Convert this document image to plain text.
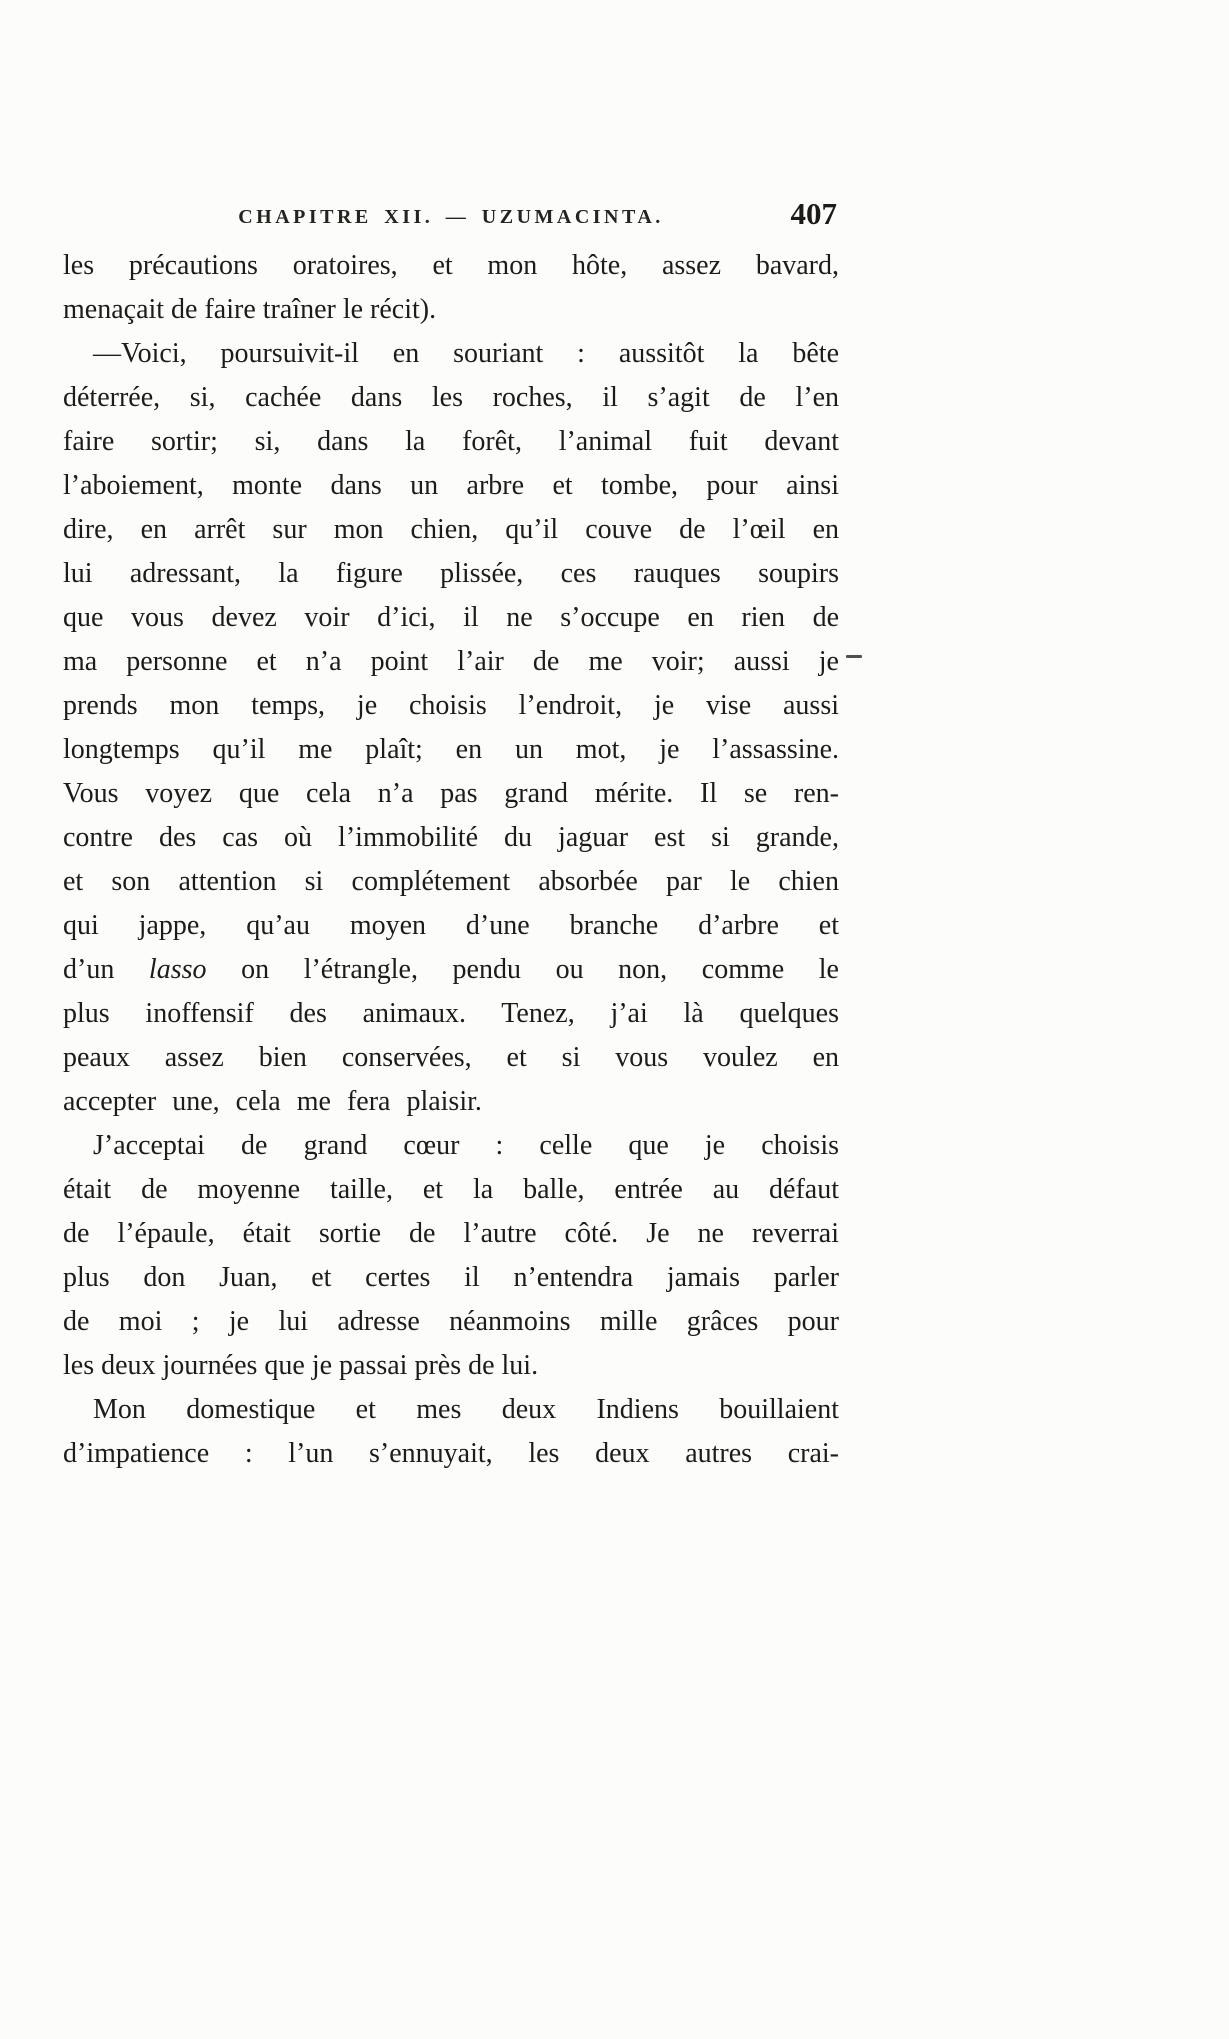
CHAPITRE XII. — UZUMACINTA.	407
les précautions oratoires, et mon hôte, assez bavard,
menaçait de faire traîner le récit).
—Voici, poursuivit-il en souriant : aussitôt la bête
déterrée, si, cachée dans les roches, il s’agit de l’en
faire sortir; si, dans la forêt, l’animal fuit devant
l’aboiement, monte dans un arbre et tombe, pour ainsi
dire, en arrêt sur mon chien, qu’il couve de l’œil en
lui adressant, la figure plissée, ces rauques soupirs
que vous devez voir d’ici, il ne s’occupe en rien de
ma personne et n’a point l’air de me voir; aussi je
prends mon temps, je choisis l’endroit, je vise aussi
longtemps qu’il me plaît; en un mot, je l’assassine.
Vous voyez que cela n’a pas grand mérite. Il se ren-
contre des cas où l’immobilité du jaguar est si grande,
et son attention si complétement absorbée par le chien
qui jappe, qu’au moyen d’une branche d’arbre et
d’un lasso on l’étrangle, pendu ou non, comme le
plus inoffensif des animaux. Tenez, j’ai là quelques
peaux assez bien conservées, et si vous voulez en
accepter une, cela me fera plaisir.
J’acceptai de grand cœur : celle que je choisis
était de moyenne taille, et la balle, entrée au défaut
de l’épaule, était sortie de l’autre côté. Je ne reverrai
plus don Juan, et certes il n’entendra jamais parler
de moi ; je lui adresse néanmoins mille grâces pour
les deux journées que je passai près de lui.
Mon domestique et mes deux Indiens bouillaient
d’impatience : l’un s’ennuyait, les deux autres crai-
